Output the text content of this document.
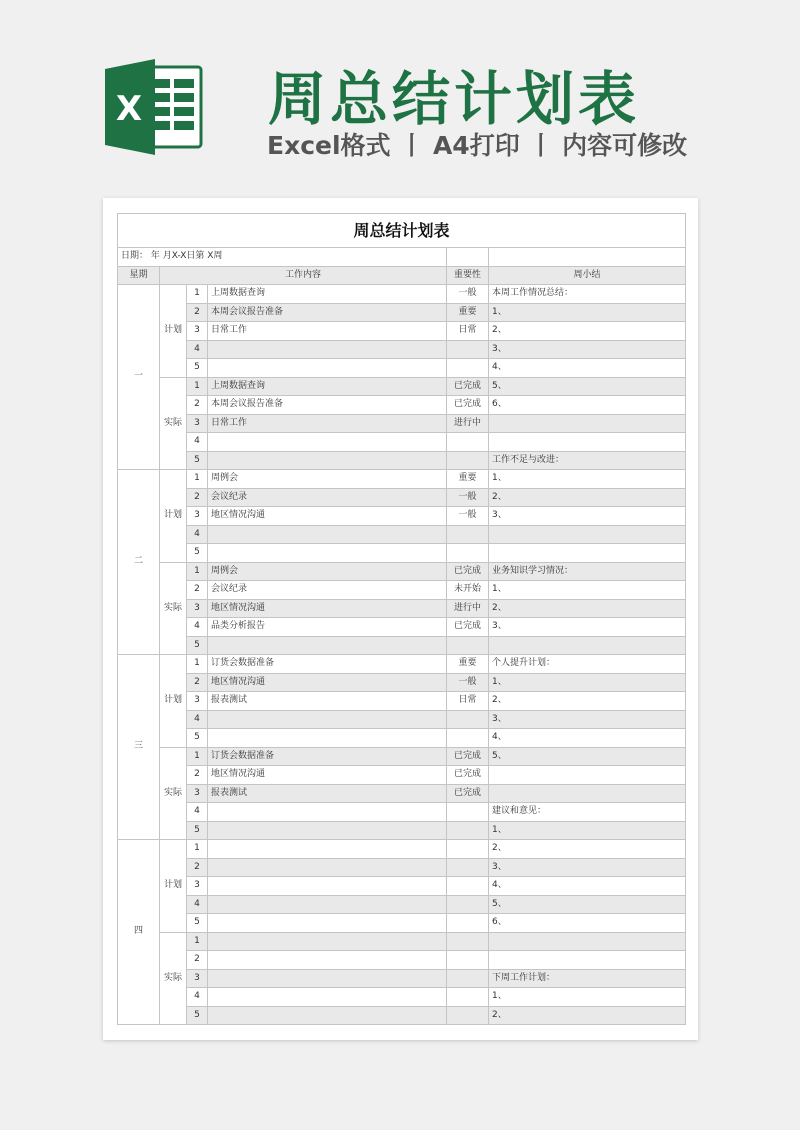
X 周总结计划表
Excel格式 丨 A4打印 丨 内容可修改
周总结计划表					
日期： 年 月X-X日第 X周					
星期	工作内容			重要性	周小结
一	计划	1	上周数据查询	一般	本周工作情况总结：
		2	本周会议报告准备	重要	1、
		3	日常工作	日常	2、
		4			3、
		5			4、
	实际	1	上周数据查询	已完成	5、
		2	本周会议报告准备	已完成	6、
		3	日常工作	进行中	
		4			
		5			工作不足与改进：
二	计划	1	周例会	重要	1、
		2	会议纪录	一般	2、
		3	地区情况沟通	一般	3、
		4			
		5			
	实际	1	周例会	已完成	业务知识学习情况：
		2	会议纪录	未开始	1、
		3	地区情况沟通	进行中	2、
		4	品类分析报告	已完成	3、
		5			
三	计划	1	订货会数据准备	重要	个人提升计划：
		2	地区情况沟通	一般	1、
		3	报表测试	日常	2、
		4			3、
		5			4、
	实际	1	订货会数据准备	已完成	5、
		2	地区情况沟通	已完成	
		3	报表测试	已完成	
		4			建议和意见：
		5			1、
四	计划	1			2、
		2			3、
		3			4、
		4			5、
		5			6、
	实际	1			
		2			
		3			下周工作计划：
		4			1、
		5			2、
